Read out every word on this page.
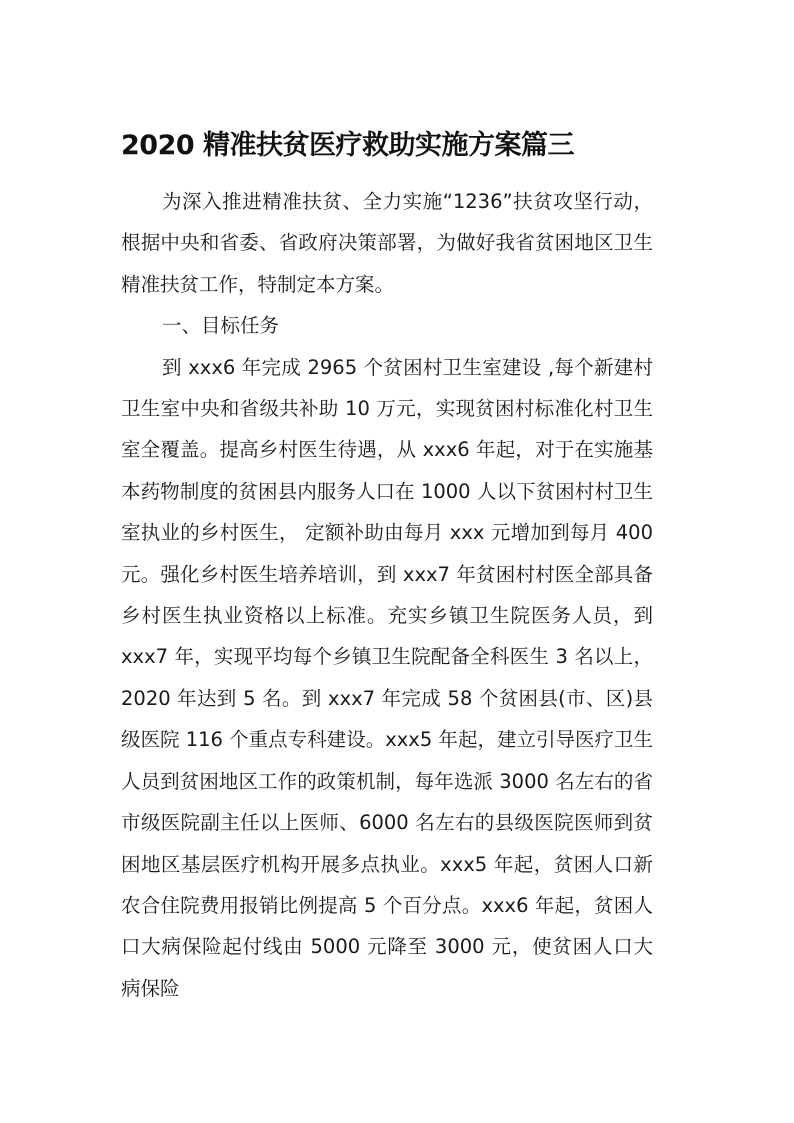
2020 精准扶贫医疗救助实施方案篇三

为深入推进精准扶贫、全力实施“1236”扶贫攻坚行动，根据中央和省委、省政府决策部署，为做好我省贫困地区卫生精准扶贫工作，特制定本方案。

一、目标任务

到 xxx6 年完成 2965 个贫困村卫生室建设 ,每个新建村卫生室中央和省级共补助 10 万元，实现贫困村标准化村卫生室全覆盖。提高乡村医生待遇，从 xxx6 年起，对于在实施基本药物制度的贫困县内服务人口在 1000 人以下贫困村村卫生室执业的乡村医生， 定额补助由每月 xxx 元增加到每月 400 元。强化乡村医生培养培训，到 xxx7 年贫困村村医全部具备乡村医生执业资格以上标准。充实乡镇卫生院医务人员，到 xxx7 年，实现平均每个乡镇卫生院配备全科医生 3 名以上，2020 年达到 5 名。到 xxx7 年完成 58 个贫困县(市、区)县级医院 116 个重点专科建设。xxx5 年起，建立引导医疗卫生人员到贫困地区工作的政策机制，每年选派 3000 名左右的省市级医院副主任以上医师、6000 名左右的县级医院医师到贫困地区基层医疗机构开展多点执业。xxx5 年起，贫困人口新农合住院费用报销比例提高 5 个百分点。xxx6 年起，贫困人口大病保险起付线由 5000 元降至 3000 元，使贫困人口大病保险
